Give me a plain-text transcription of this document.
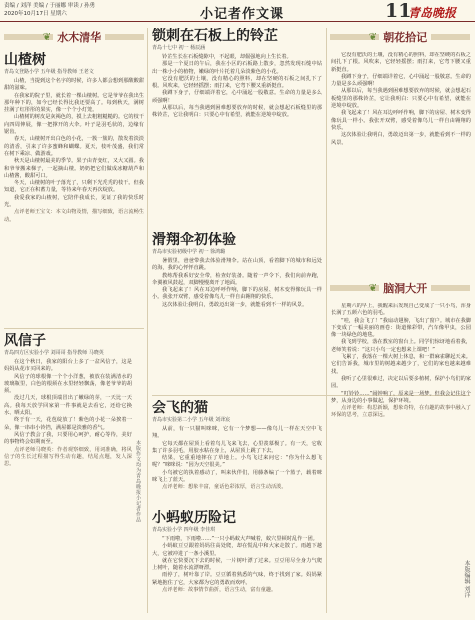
责编 / 刘洋 美编 / 于丽娜 审读 / 孙勇
2020年10月17日 星期六	小记者作文课	11
青岛晚报
❦ 水木清华	❦ 朝花拾记
山楂树
青岛文登路小学 五年级 指导教师 王老文

山楂，当提到这个名字的时候，许多人都会想到那酸酸甜甜的滋味。

在我家的院子里，就长着一棵山楂树。它是爷爷在我出生那年种下的，如今已经长得比我还要高了。每到秋天，满树挂满了红彤彤的果实，像一个个小灯笼。

山楂树的树皮是灰褐色的，摸上去粗粗糙糙的。它的枝干向四周伸展，像一把撑开的大伞。叶子是羽毛状的，边缘有锯齿。

春天，山楂树开出白色的小花，一簇一簇的，散发着淡淡的清香，引来了许多蜜蜂和蝴蝶。夏天，枝叶茂盛，我们常在树下乘凉、做游戏。

秋天是山楂树最美的季节。果子由青变红，又大又圆。我和爷爷搬来梯子，一起摘山楂。奶奶把它们做成冰糖葫芦和山楂酱，酸甜可口。

冬天，山楂树的叶子落光了，只剩下光秃秃的枝干。但我知道，它正在积蓄力量，等待来年春天再次绽放。

我爱我家的山楂树，它陪伴我成长，见证了我的快乐时光。

点评老师王宝文：本文由物及情，描写细致，语言流畅生动。

风信子
青岛四方区实验小学 刘哥哥 指导教师 马晓英

在这个秋日，我家的阳台上多了一盆风信子，这是妈妈从花市买回来的。

风信子的球根像一个个小洋葱，被放在装满清水的玻璃瓶里，白色的根须在水里轻轻飘荡，像老爷爷的胡须。

没过几天，球根顶端冒出了嫩绿的芽，一天比一天高。我每天放学回家第一件事就是去看它，还给它换水、晒太阳。

终于有一天，花苞绽放了！紫色的小花一朵挨着一朵，像一串串小铃铛，满屋都是淡雅的香气。

风信子教会了我，只要用心呵护，耐心等待，美好的事物终会如期而至。

点评老师马晓英：作者观察细致，用词准确，将风信子的生长过程描写得生动有趣，结尾点题，发人深思。	本版作文均为青岛晚报小记者作品
锁刺在石板上的铃芷
青岛十七中 初一 杨辰涵

铃芷生长在石板缝隙中，不起眼，却倔强地向上生长着。

那是一个夏日的午后，我在小区的石板路上散步，忽然发现石缝中钻出一株小小的植物，嫩绿的叶片托着几朵淡紫色的小花。

它没有肥沃的土壤，没有精心的照料，却在坚硬的石板之间扎下了根。风吹来，它轻轻摇摆；雨打来，它弯下腰又重新挺直。

我蹲下身子，仔细端详着它，心中涌起一股敬意。生命的力量是多么顽强啊！

从那以后，每当我遇到困难想要放弃的时候，就会想起石板缝里的那株铃芷，它让我明白：只要心中有希望，就能在逆境中绽放。

滑翔伞初体验
青岛市实验初级中学 初一 徐鸿璐

暑假里，爸爸带我去体验滑翔伞。站在山顶，看着脚下的城市和远处的海，我的心怦怦直跳。

教练帮我系好安全带，检查好装备。随着一声令下，我们向前奔跑，伞翼被风鼓起，双脚慢慢离开了地面。

我飞起来了！风在耳边呼呼作响，脚下的房屋、树木变得像玩具一样小。我张开双臂，感受着像鸟儿一样自由翱翔的快乐。

这次体验让我明白，勇敢迈出第一步，就能看到不一样的风景。

会飞的猫
青岛市实验第二小学 五年级 刘译宸

从前，有一只猫叫咪咪，它有一个梦想——像鸟儿一样在天空中飞翔。

它每天都在屋顶上看着鸟儿飞来飞去，心里羡慕极了。有一天，它收集了许多羽毛，用胶水粘在身上，从屋顶上跳了下去。

结果，它重重地摔在了草地上。小鸟飞过来问它：“你为什么想飞呢？”咪咪说：“因为天空很美。”

小鸟被它的执着感动了，叫来伙伴们，用藤条编了一个篮子，载着咪咪飞上了蓝天。

点评老师：想象丰富，童话色彩浓厚，语言生动活泼。

小蚂蚁历险记
青岛实验小学 四年级 李佳琪

“下雨啦，下雨啦……”一只小蚂蚁大声喊着，蚁穴里顿时乱作一团。

小蚂蚁豆豆跟着妈妈往高处爬，却在慌乱中和大家走散了。雨越下越大，它被冲进了一条小溪里。

就在它快要沉下去的时候，一片树叶漂了过来。豆豆用尽全身力气爬上树叶，随着水流漂呀漂。

雨停了，树叶靠了岸。豆豆循着熟悉的气味，终于找到了家。妈妈紧紧地抱住了它，大家都为它的勇敢而欢呼。

点评老师：故事情节曲折，语言生动，富有童趣。

它没有肥沃的土壤，没有精心的照料，却在坚硬的石板之间扎下了根。风吹来，它轻轻摇摆；雨打来，它弯下腰又重新挺直。

我蹲下身子，仔细端详着它，心中涌起一股敬意。生命的力量是多么顽强啊！

从那以后，每当我遇到困难想要放弃的时候，就会想起石板缝里的那株铃芷，它让我明白：只要心中有希望，就能在逆境中绽放。

我飞起来了！风在耳边呼呼作响，脚下的房屋、树木变得像玩具一样小。我张开双臂，感受着像鸟儿一样自由翱翔的快乐。

这次体验让我明白，勇敢迈出第一步，就能看到不一样的风景。

❦ 脑洞大开

星期六的早上，我醒来后发现自己变成了一只小鸟，浑身长满了五颜六色的羽毛。

“哇，我会飞了！”我扇动翅膀，飞出了窗户。城市在我脚下变成了一幅美丽的画卷：街道像彩带，汽车像甲虫，公园像一块绿色的地毯。

我飞到学校，落在教室的窗台上。同学们惊讶地看着我，老师笑着说：“这只小鸟一定也想来上课吧！”

飞累了，我落在一棵大树上休息，和一群麻雀聊起天来。它们告诉我，城市里的树越来越少了，它们的家也越来越难找。

我听了心里很难过，决定以后要多植树，保护小鸟们的家园。

“叮铃铃……”闹钟响了，原来是一场梦。但我会记住这个梦，从身边的小事做起，保护环境。

点评老师：构思新颖，想象奇特，在有趣的故事中融入了环保的思考，立意深远。

本版编辑 刘洋
